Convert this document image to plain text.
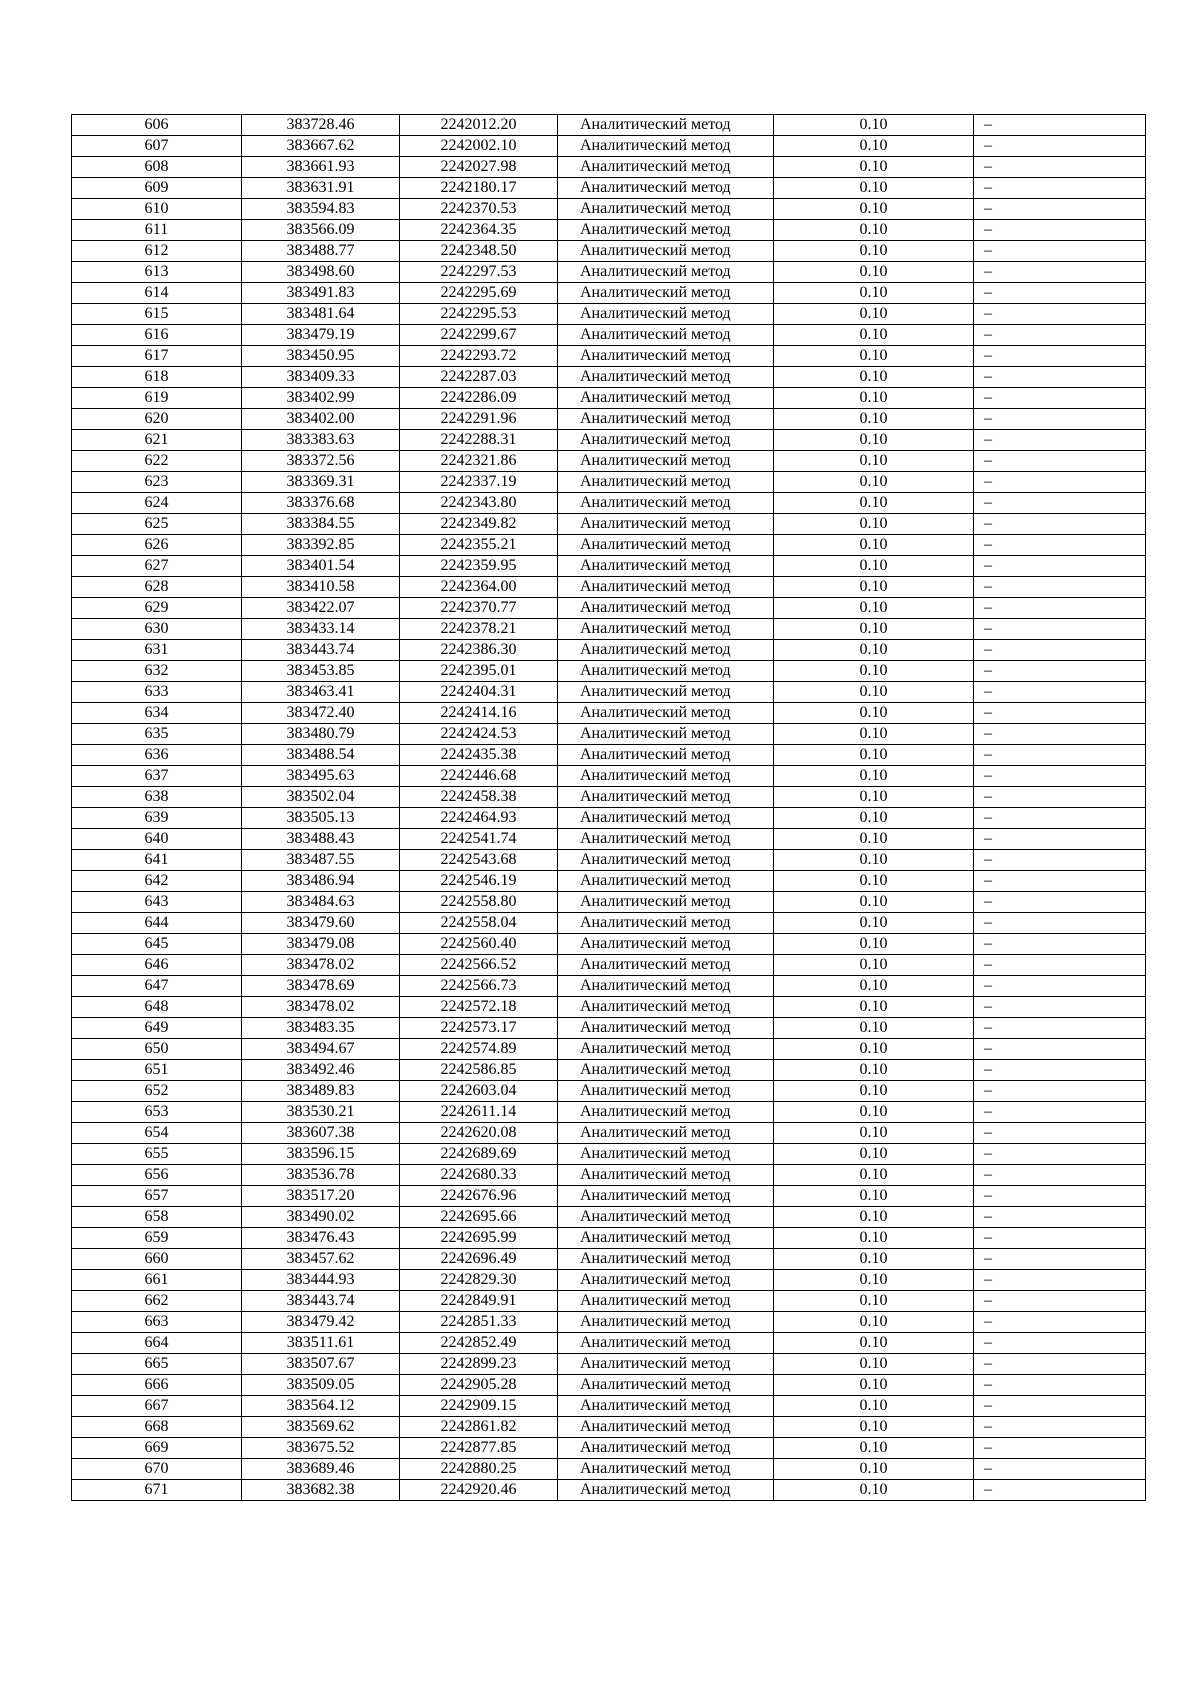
606	383728.46	2242012.20	Аналитический метод	0.10	–
607	383667.62	2242002.10	Аналитический метод	0.10	–
608	383661.93	2242027.98	Аналитический метод	0.10	–
609	383631.91	2242180.17	Аналитический метод	0.10	–
610	383594.83	2242370.53	Аналитический метод	0.10	–
611	383566.09	2242364.35	Аналитический метод	0.10	–
612	383488.77	2242348.50	Аналитический метод	0.10	–
613	383498.60	2242297.53	Аналитический метод	0.10	–
614	383491.83	2242295.69	Аналитический метод	0.10	–
615	383481.64	2242295.53	Аналитический метод	0.10	–
616	383479.19	2242299.67	Аналитический метод	0.10	–
617	383450.95	2242293.72	Аналитический метод	0.10	–
618	383409.33	2242287.03	Аналитический метод	0.10	–
619	383402.99	2242286.09	Аналитический метод	0.10	–
620	383402.00	2242291.96	Аналитический метод	0.10	–
621	383383.63	2242288.31	Аналитический метод	0.10	–
622	383372.56	2242321.86	Аналитический метод	0.10	–
623	383369.31	2242337.19	Аналитический метод	0.10	–
624	383376.68	2242343.80	Аналитический метод	0.10	–
625	383384.55	2242349.82	Аналитический метод	0.10	–
626	383392.85	2242355.21	Аналитический метод	0.10	–
627	383401.54	2242359.95	Аналитический метод	0.10	–
628	383410.58	2242364.00	Аналитический метод	0.10	–
629	383422.07	2242370.77	Аналитический метод	0.10	–
630	383433.14	2242378.21	Аналитический метод	0.10	–
631	383443.74	2242386.30	Аналитический метод	0.10	–
632	383453.85	2242395.01	Аналитический метод	0.10	–
633	383463.41	2242404.31	Аналитический метод	0.10	–
634	383472.40	2242414.16	Аналитический метод	0.10	–
635	383480.79	2242424.53	Аналитический метод	0.10	–
636	383488.54	2242435.38	Аналитический метод	0.10	–
637	383495.63	2242446.68	Аналитический метод	0.10	–
638	383502.04	2242458.38	Аналитический метод	0.10	–
639	383505.13	2242464.93	Аналитический метод	0.10	–
640	383488.43	2242541.74	Аналитический метод	0.10	–
641	383487.55	2242543.68	Аналитический метод	0.10	–
642	383486.94	2242546.19	Аналитический метод	0.10	–
643	383484.63	2242558.80	Аналитический метод	0.10	–
644	383479.60	2242558.04	Аналитический метод	0.10	–
645	383479.08	2242560.40	Аналитический метод	0.10	–
646	383478.02	2242566.52	Аналитический метод	0.10	–
647	383478.69	2242566.73	Аналитический метод	0.10	–
648	383478.02	2242572.18	Аналитический метод	0.10	–
649	383483.35	2242573.17	Аналитический метод	0.10	–
650	383494.67	2242574.89	Аналитический метод	0.10	–
651	383492.46	2242586.85	Аналитический метод	0.10	–
652	383489.83	2242603.04	Аналитический метод	0.10	–
653	383530.21	2242611.14	Аналитический метод	0.10	–
654	383607.38	2242620.08	Аналитический метод	0.10	–
655	383596.15	2242689.69	Аналитический метод	0.10	–
656	383536.78	2242680.33	Аналитический метод	0.10	–
657	383517.20	2242676.96	Аналитический метод	0.10	–
658	383490.02	2242695.66	Аналитический метод	0.10	–
659	383476.43	2242695.99	Аналитический метод	0.10	–
660	383457.62	2242696.49	Аналитический метод	0.10	–
661	383444.93	2242829.30	Аналитический метод	0.10	–
662	383443.74	2242849.91	Аналитический метод	0.10	–
663	383479.42	2242851.33	Аналитический метод	0.10	–
664	383511.61	2242852.49	Аналитический метод	0.10	–
665	383507.67	2242899.23	Аналитический метод	0.10	–
666	383509.05	2242905.28	Аналитический метод	0.10	–
667	383564.12	2242909.15	Аналитический метод	0.10	–
668	383569.62	2242861.82	Аналитический метод	0.10	–
669	383675.52	2242877.85	Аналитический метод	0.10	–
670	383689.46	2242880.25	Аналитический метод	0.10	–
671	383682.38	2242920.46	Аналитический метод	0.10	–
